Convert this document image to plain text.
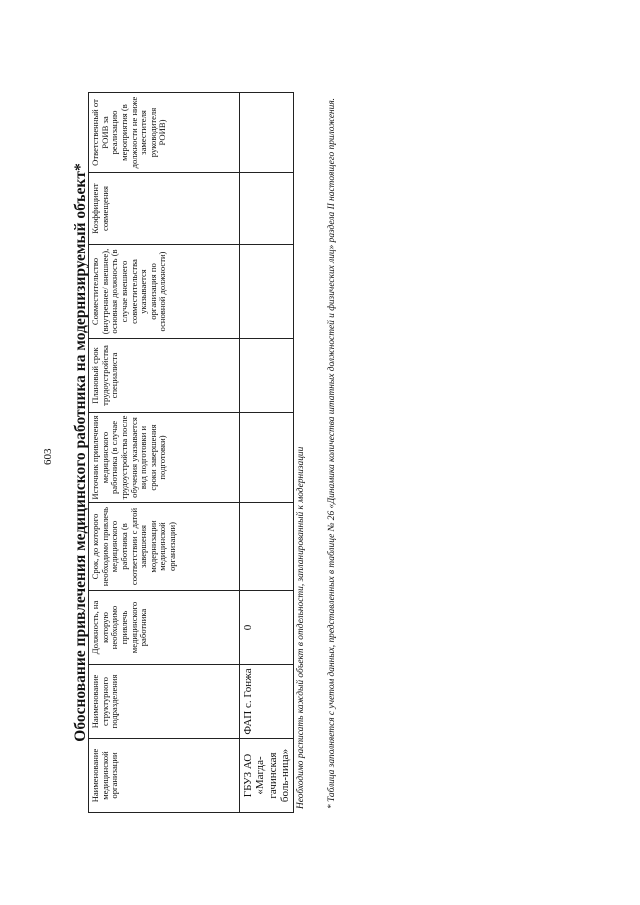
603 Обоснование привлечения медицинского работника на модернизируемый объект*
Наименование медицинской организации	Наименование структурного подразделения	Должность, на которую необходимо привлечь медицинского работника	Срок, до которого необходимо привлечь медицинского работника (в соответствии с датой завершения модернизации медицинской организации)	Источник привлечения медицинского работника (в случае трудоустройства после обучения указывается вид подготовки и сроки завершения подготовки)	Плановый срок трудоустройства специалиста	Совместительство (внутреннее/ внешнее), основная должность (в случае внешнего совместительства указывается организация по основной должности)	Коэффициент совмещения	Ответственный от РОИВ за реализацию мероприятия (в должности не ниже заместителя руководителя РОИВ)
ГБУЗ АО «Магда-гачинская боль-ница»	ФАП с. Гонжа	0							Необходимо расписать каждый объект в отдельности, запланированный к модернизации * Таблица заполняется с учетом данных, представленных в таблице № 26 «Динамика количества штатных должностей и физических лиц» раздела II настоящего приложения.
